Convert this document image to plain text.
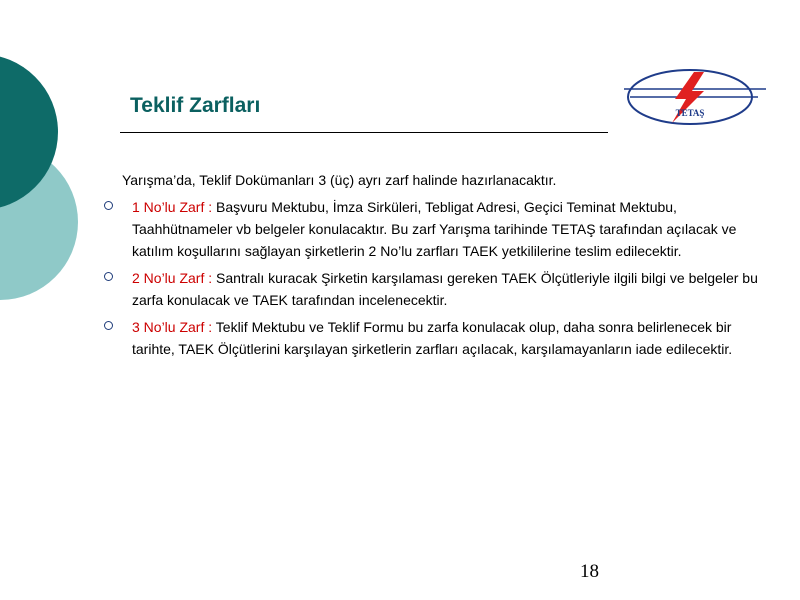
Teklif Zarfları	TETAŞ
Yarışma’da, Teklif Dokümanları 3 (üç) ayrı zarf halinde hazırlanacaktır.
1 No’lu Zarf : Başvuru Mektubu, İmza Sirküleri, Tebligat Adresi, Geçici Teminat Mektubu, Taahhütnameler vb belgeler konulacaktır. Bu zarf Yarışma tarihinde TETAŞ tarafından açılacak ve katılım koşullarını sağlayan şirketlerin 2 No’lu zarfları TAEK yetkililerine teslim edilecektir.
2 No’lu Zarf : Santralı kuracak Şirketin karşılaması gereken TAEK Ölçütleriyle ilgili bilgi ve belgeler bu zarfa konulacak ve TAEK tarafından incelenecektir.
3 No’lu Zarf : Teklif Mektubu ve Teklif Formu bu zarfa konulacak olup, daha sonra belirlenecek bir tarihte, TAEK Ölçütlerini karşılayan şirketlerin zarfları açılacak, karşılamayanların iade edilecektir.
18
